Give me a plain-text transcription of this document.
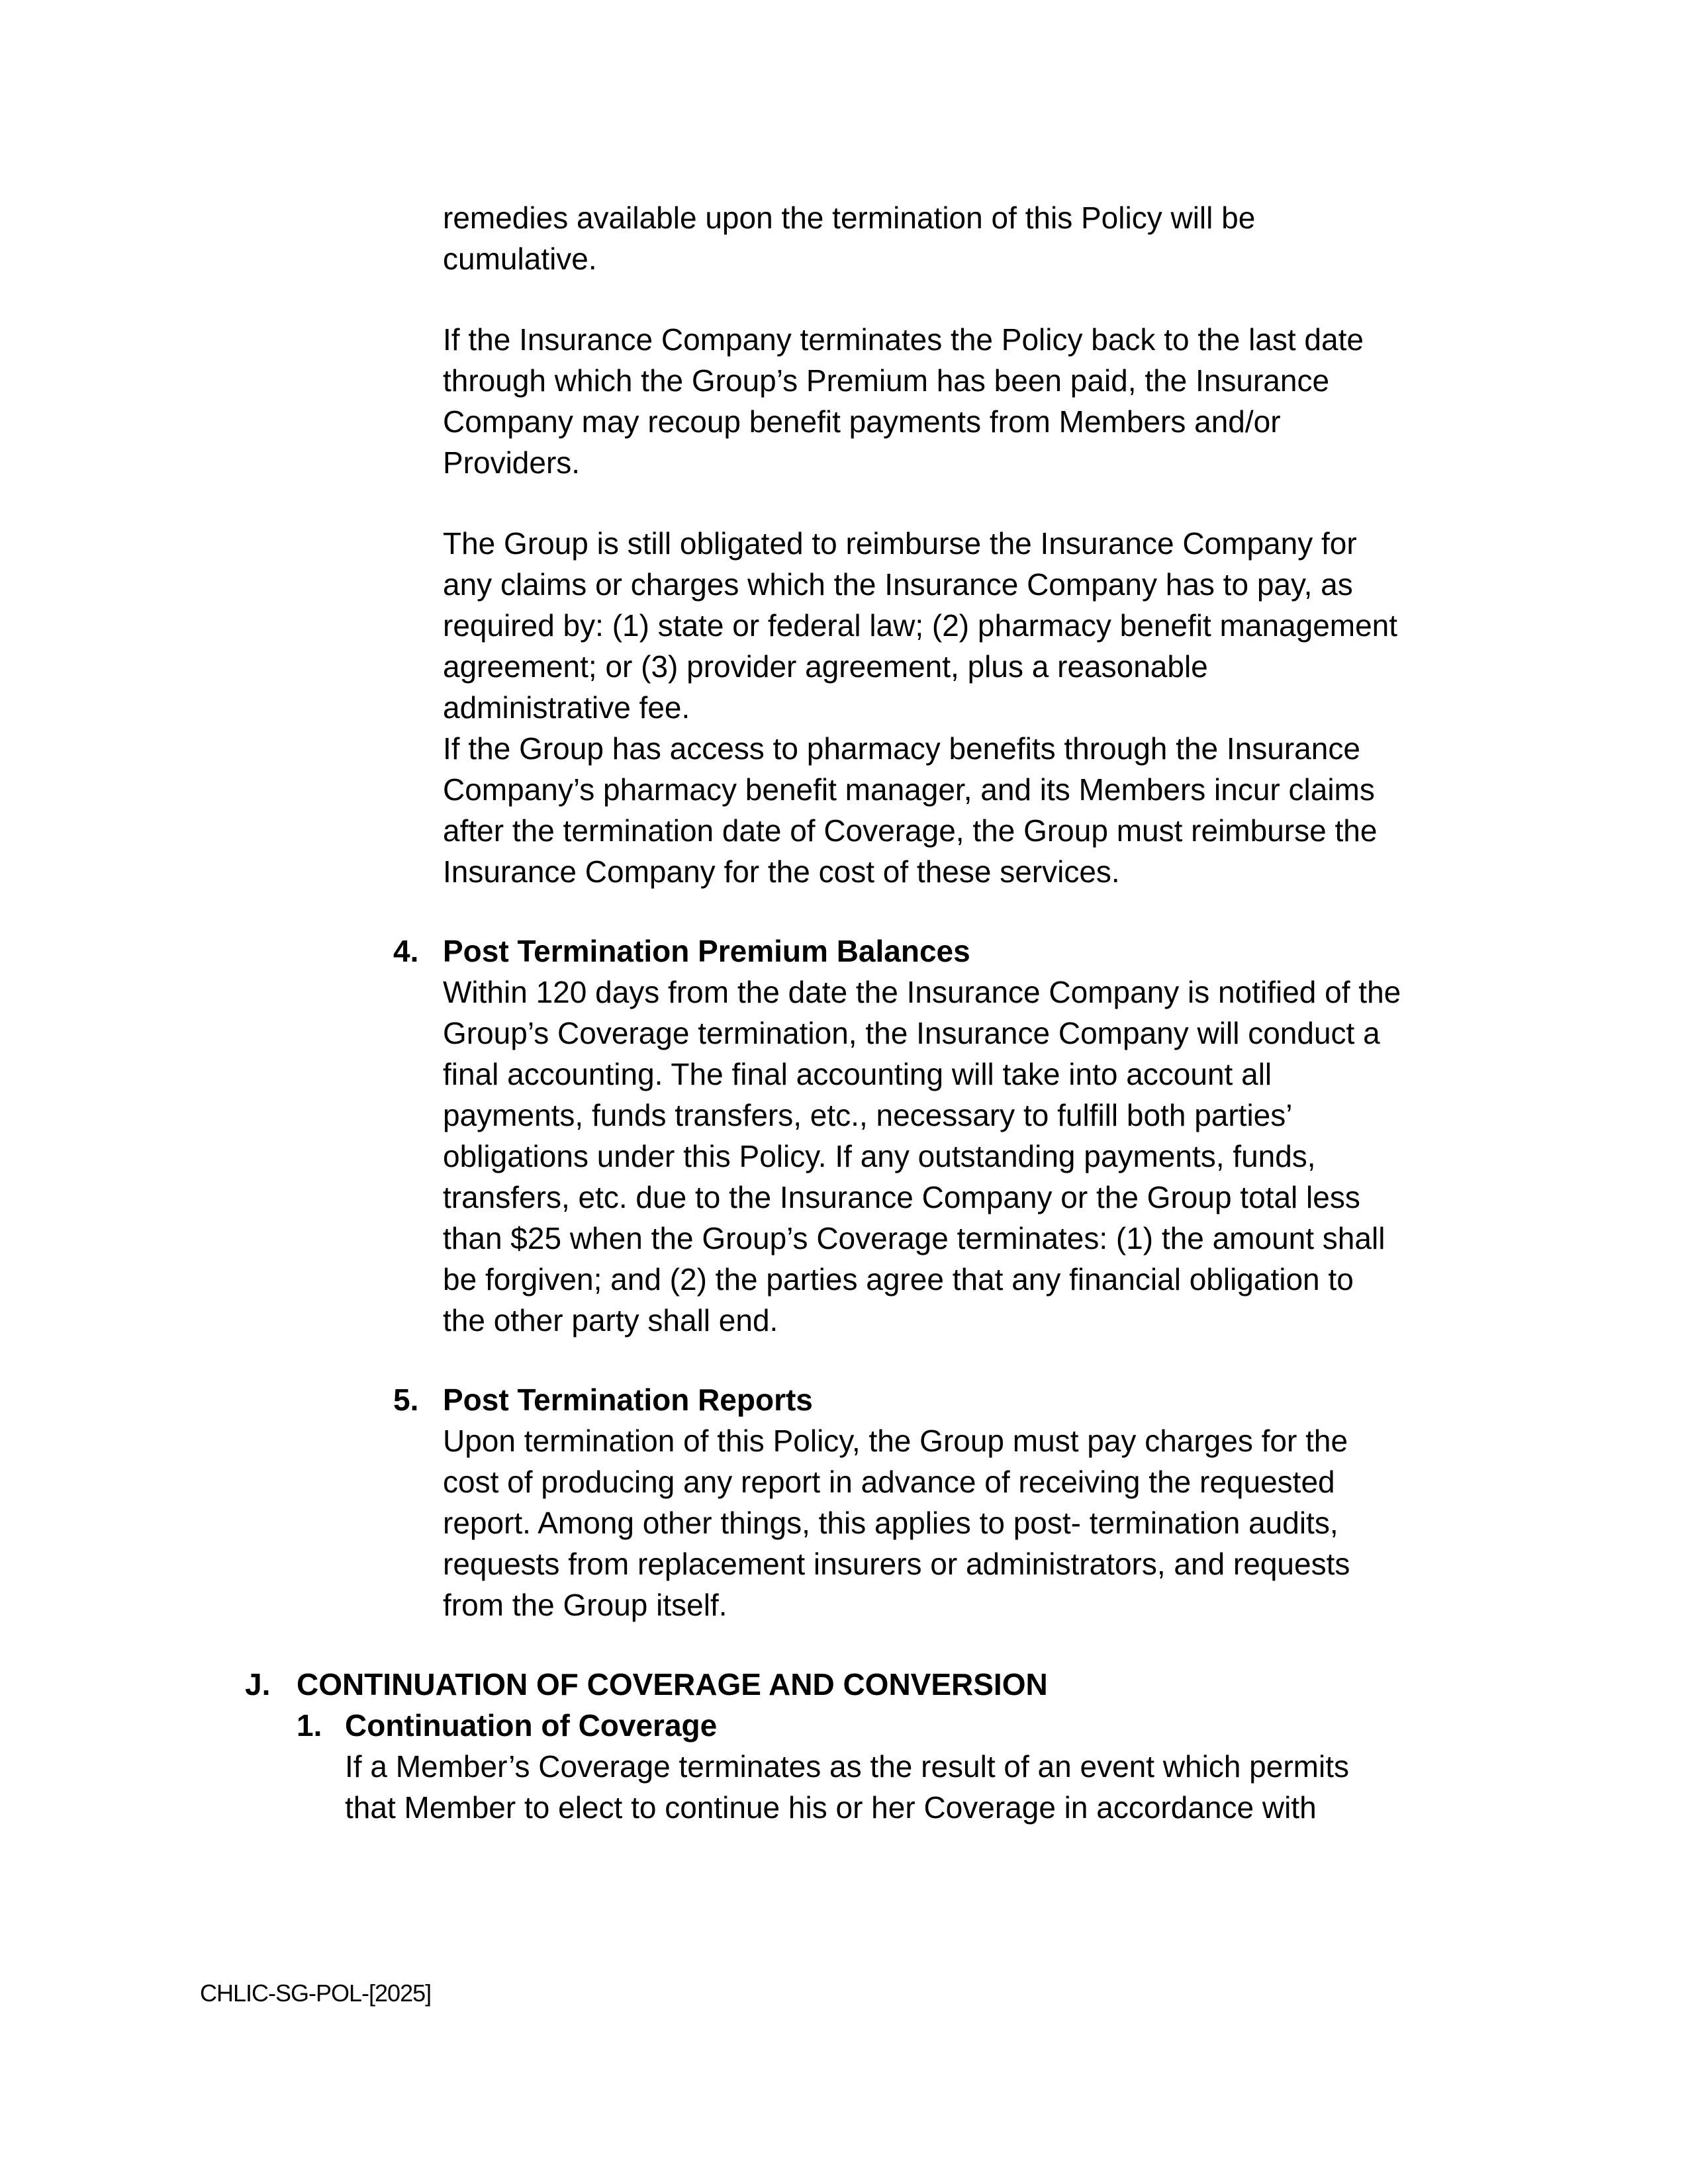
remedies available upon the termination of this Policy will be
cumulative.
If the Insurance Company terminates the Policy back to the last date
through which the Group’s Premium has been paid, the Insurance
Company may recoup benefit payments from Members and/or
Providers.
The Group is still obligated to reimburse the Insurance Company for
any claims or charges which the Insurance Company has to pay, as
required by: (1) state or federal law; (2) pharmacy benefit management
agreement; or (3) provider agreement, plus a reasonable
administrative fee.
If the Group has access to pharmacy benefits through the Insurance
Company’s pharmacy benefit manager, and its Members incur claims
after the termination date of Coverage, the Group must reimburse the
Insurance Company for the cost of these services.
4. Post Termination Premium Balances
Within 120 days from the date the Insurance Company is notified of the
Group’s Coverage termination, the Insurance Company will conduct a
final accounting. The final accounting will take into account all
payments, funds transfers, etc., necessary to fulfill both parties’
obligations under this Policy. If any outstanding payments, funds,
transfers, etc. due to the Insurance Company or the Group total less
than $25 when the Group’s Coverage terminates: (1) the amount shall
be forgiven; and (2) the parties agree that any financial obligation to
the other party shall end.
5. Post Termination Reports
Upon termination of this Policy, the Group must pay charges for the
cost of producing any report in advance of receiving the requested
report. Among other things, this applies to post- termination audits,
requests from replacement insurers or administrators, and requests
from the Group itself.
J. CONTINUATION OF COVERAGE AND CONVERSION
1. Continuation of Coverage
If a Member’s Coverage terminates as the result of an event which permits
that Member to elect to continue his or her Coverage in accordance with
CHLIC-SG-POL-[2025]
